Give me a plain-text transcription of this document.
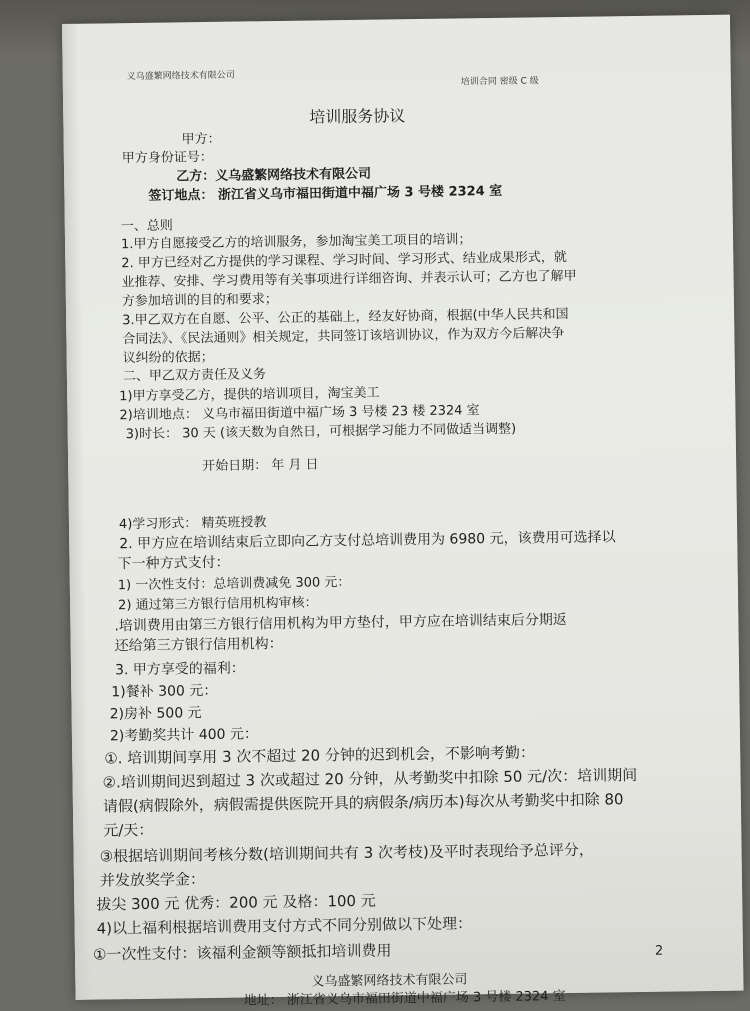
义乌盛繁网络技术有限公司	培训合同 密级 C 级
培训服务协议
甲方：
甲方身份证号：
乙方：义乌盛繁网络技术有限公司
签订地点： 浙江省义乌市福田街道中福广场 3 号楼 2324 室
一、总则
1.甲方自愿接受乙方的培训服务，参加淘宝美工项目的培训；
2. 甲方已经对乙方提供的学习课程、学习时间、学习形式、结业成果形式，就
业推荐、安排、学习费用等有关事项进行详细咨询、并表示认可；乙方也了解甲
方参加培训的目的和要求；
3.甲乙双方在自愿、公平、公正的基础上，经友好协商，根据(中华人民共和国
合同法》、《民法通则》相关规定，共同签订该培训协议，作为双方今后解决争
议纠纷的依据；
二、甲乙双方责任及义务
1)甲方享受乙方，提供的培训项目，淘宝美工
2)培训地点： 义乌市福田街道中福广场 3 号楼 23 楼 2324 室
3)时长： 30 天 (该天数为自然日，可根据学习能力不同做适当调整)
开始日期： 年 月 日
4)学习形式： 精英班授教
2. 甲方应在培训结束后立即向乙方支付总培训费用为 6980 元，该费用可选择以
下一种方式支付：
1) 一次性支付：总培训费减免 300 元：
2) 通过第三方银行信用机构审核：
.培训费用由第三方银行信用机构为甲方垫付，甲方应在培训结束后分期返
还给第三方银行信用机构：
3. 甲方享受的福利：
1)餐补 300 元：
2)房补 500 元
2)考勤奖共计 400 元：
①. 培训期间享用 3 次不超过 20 分钟的迟到机会，不影响考勤：
②.培训期间迟到超过 3 次或超过 20 分钟，从考勤奖中扣除 50 元/次：培训期间
请假(病假除外，病假需提供医院开具的病假条/病历本)每次从考勤奖中扣除 80
元/天：
③根据培训期间考核分数(培训期间共有 3 次考枝)及平时表现给予总评分，
并发放奖学金：
拔尖 300 元 优秀：200 元 及格：100 元
4)以上福利根据培训费用支付方式不同分别做以下处理：
①一次性支付：该福利金额等额抵扣培训费用	2
义乌盛繁网络技术有限公司
地址： 浙江省义乌市福田街道中福广场 3 号楼 2324 室
